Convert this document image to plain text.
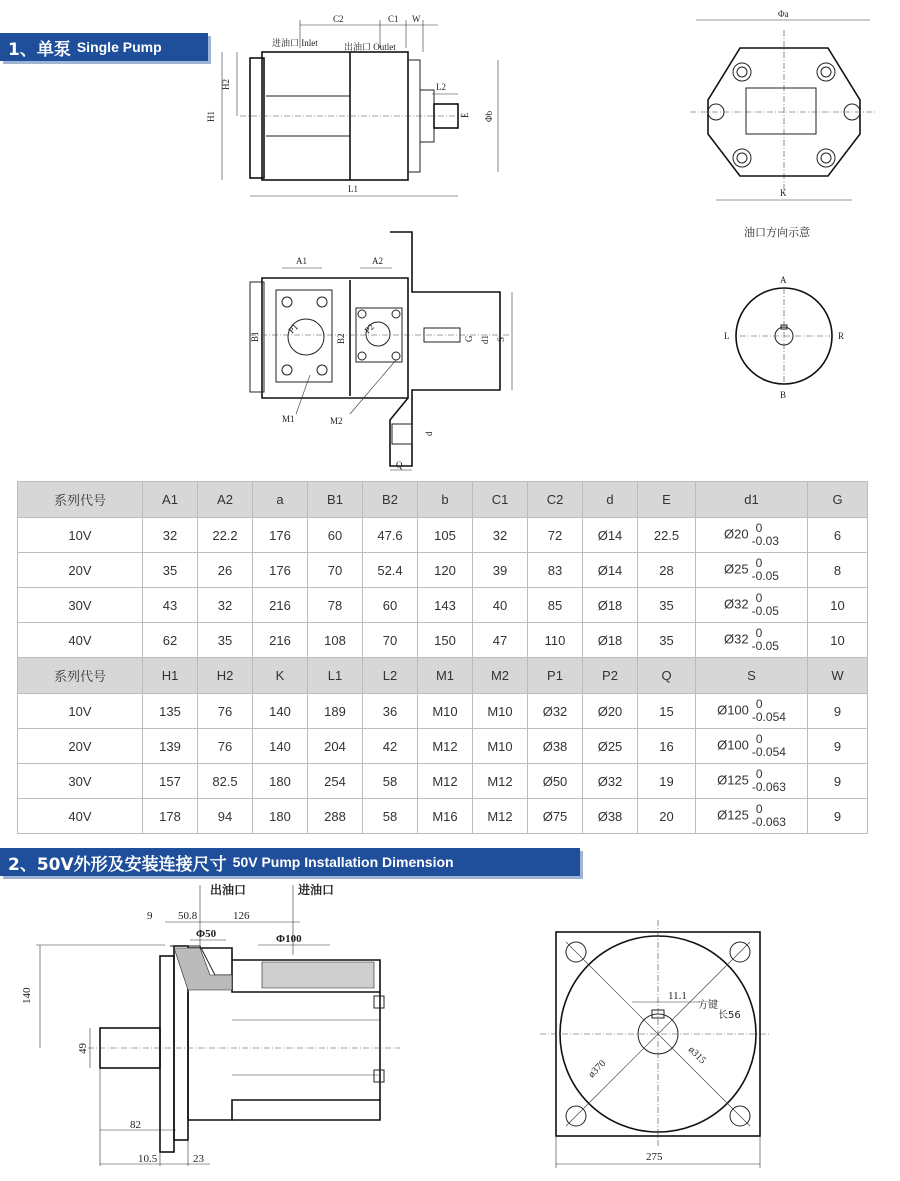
1、单泵 Single Pump
C2	C1 W
进油口 Inlet	出油口 Outlet
H1
H2	L2
E Φb
L1
Φa
K
油口方向示意
A1	A2
P1	P2
B1	B2	G d1 S
M1	M2
d
Q
A
B
L	R
系列代号	A1	A2	a	B1	B2	b	C1	C2	d	E	d1	G
10V	32	22.2	176	60	47.6	105	32	72	Ø14	22.5	Ø20 0
-0.03	6
20V	35	26	176	70	52.4	120	39	83	Ø14	28	Ø25 0
-0.05	8
30V	43	32	216	78	60	143	40	85	Ø18	35	Ø32 0
-0.05	10
40V	62	35	216	108	70	150	47	110	Ø18	35	Ø32 0
-0.05	10
系列代号	H1	H2	K	L1	L2	M1	M2	P1	P2	Q	S	W
10V	135	76	140	189	36	M10	M10	Ø32	Ø20	15	Ø100 0
-0.054	9
20V	139	76	140	204	42	M12	M10	Ø38	Ø25	16	Ø100 0
-0.054	9
30V	157	82.5	180	254	58	M12	M12	Ø50	Ø32	19	Ø125 0
-0.063	9
40V	178	94	180	288	58	M16	M12	Ø75	Ø38	20	Ø125 0
-0.063	9
2、50V外形及安装连接尺寸 50V Pump Installation Dimension
出油口	进油口
9 50.8	126
Φ50	Φ100
140
49
82
10.5	23
11.1
方键
长56
ø370
ø315
275
